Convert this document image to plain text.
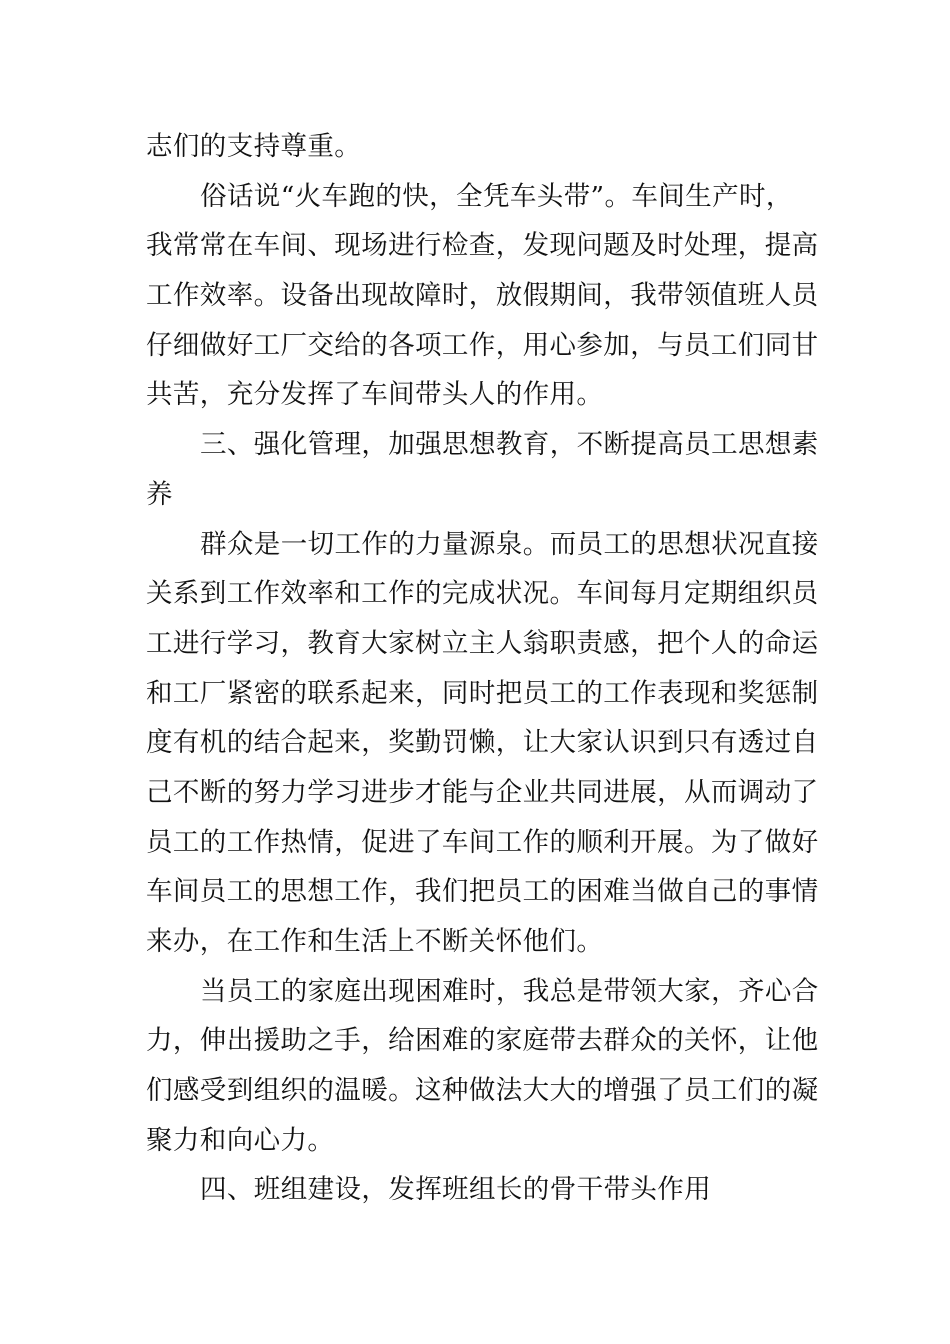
志们的支持尊重。
俗话说“火车跑的快，全凭车头带”。车间生产时，
我常常在车间、现场进行检查，发现问题及时处理，提高
工作效率。设备出现故障时，放假期间，我带领值班人员
仔细做好工厂交给的各项工作，用心参加，与员工们同甘
共苦，充分发挥了车间带头人的作用。
三、强化管理，加强思想教育，不断提高员工思想素
养
群众是一切工作的力量源泉。而员工的思想状况直接
关系到工作效率和工作的完成状况。车间每月定期组织员
工进行学习，教育大家树立主人翁职责感，把个人的命运
和工厂紧密的联系起来，同时把员工的工作表现和奖惩制
度有机的结合起来，奖勤罚懒，让大家认识到只有透过自
己不断的努力学习进步才能与企业共同进展，从而调动了
员工的工作热情，促进了车间工作的顺利开展。为了做好
车间员工的思想工作，我们把员工的困难当做自己的事情
来办，在工作和生活上不断关怀他们。
当员工的家庭出现困难时，我总是带领大家，齐心合
力，伸出援助之手，给困难的家庭带去群众的关怀，让他
们感受到组织的温暖。这种做法大大的增强了员工们的凝
聚力和向心力。
四、班组建设，发挥班组长的骨干带头作用
